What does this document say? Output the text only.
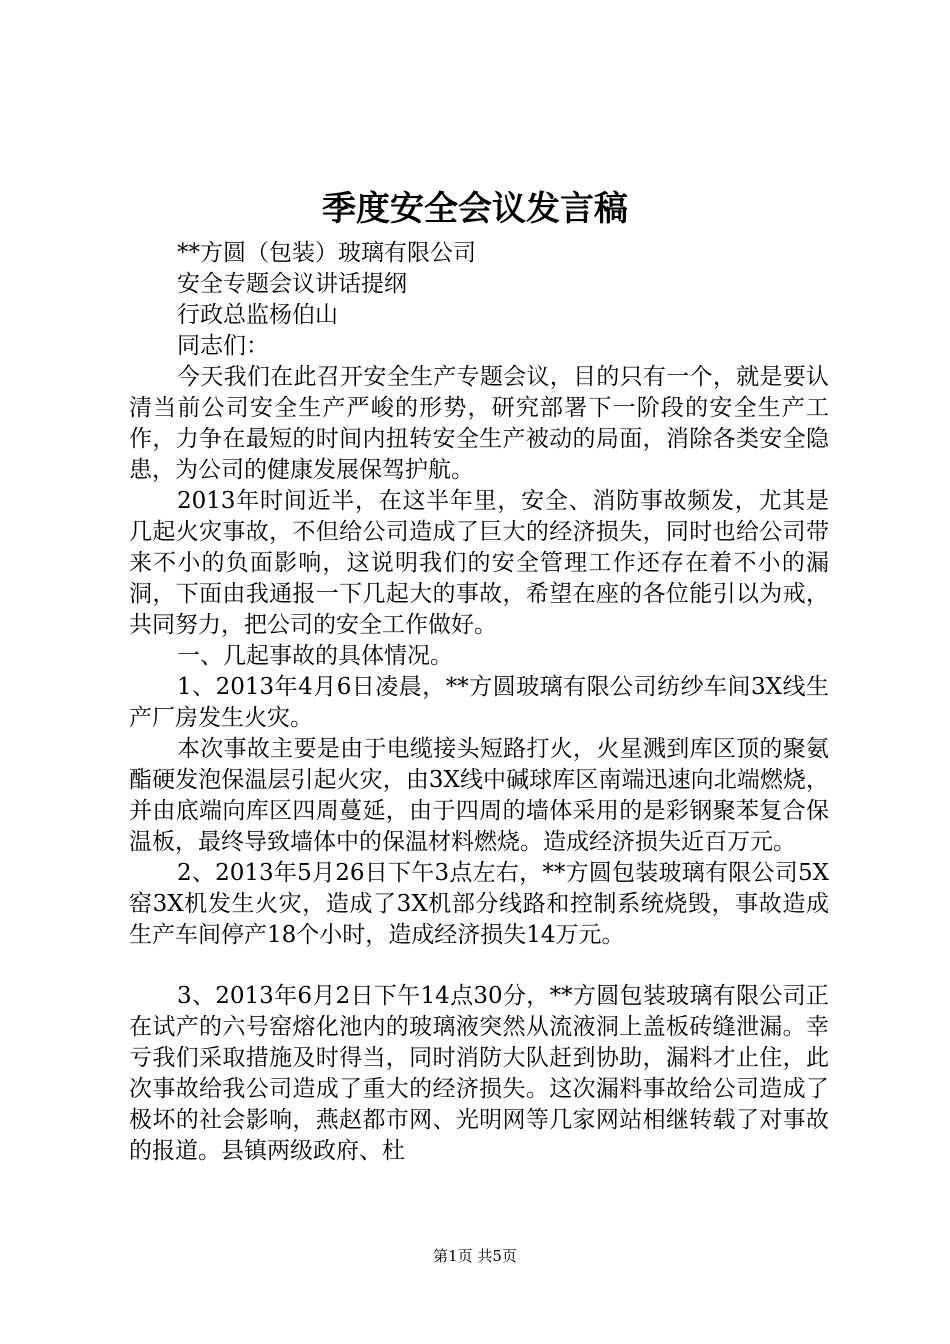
季度安全会议发言稿

**方圆（包装）玻璃有限公司

安全专题会议讲话提纲

行政总监杨伯山

同志们：

今天我们在此召开安全生产专题会议，目的只有一个，就是要认清当前公司安全生产严峻的形势，研究部署下一阶段的安全生产工作，力争在最短的时间内扭转安全生产被动的局面，消除各类安全隐患，为公司的健康发展保驾护航。

2013年时间近半，在这半年里，安全、消防事故频发，尤其是几起火灾事故，不但给公司造成了巨大的经济损失，同时也给公司带来不小的负面影响，这说明我们的安全管理工作还存在着不小的漏洞，下面由我通报一下几起大的事故，希望在座的各位能引以为戒，共同努力，把公司的安全工作做好。

一、几起事故的具体情况。

1、2013年4月6日凌晨，**方圆玻璃有限公司纺纱车间3X线生产厂房发生火灾。

本次事故主要是由于电缆接头短路打火，火星溅到库区顶的聚氨酯硬发泡保温层引起火灾，由3X线中碱球库区南端迅速向北端燃烧，并由底端向库区四周蔓延，由于四周的墙体采用的是彩钢聚苯复合保温板，最终导致墙体中的保温材料燃烧。造成经济损失近百万元。

2、2013年5月26日下午3点左右，**方圆包装玻璃有限公司5X窑3X机发生火灾，造成了3X机部分线路和控制系统烧毁，事故造成生产车间停产18个小时，造成经济损失14万元。

3、2013年6月2日下午14点30分，**方圆包装玻璃有限公司正在试产的六号窑熔化池内的玻璃液突然从流液洞上盖板砖缝泄漏。幸亏我们采取措施及时得当，同时消防大队赶到协助，漏料才止住，此次事故给我公司造成了重大的经济损失。这次漏料事故给公司造成了极坏的社会影响，燕赵都市网、光明网等几家网站相继转载了对事故的报道。县镇两级政府、杜

第1页 共5页
